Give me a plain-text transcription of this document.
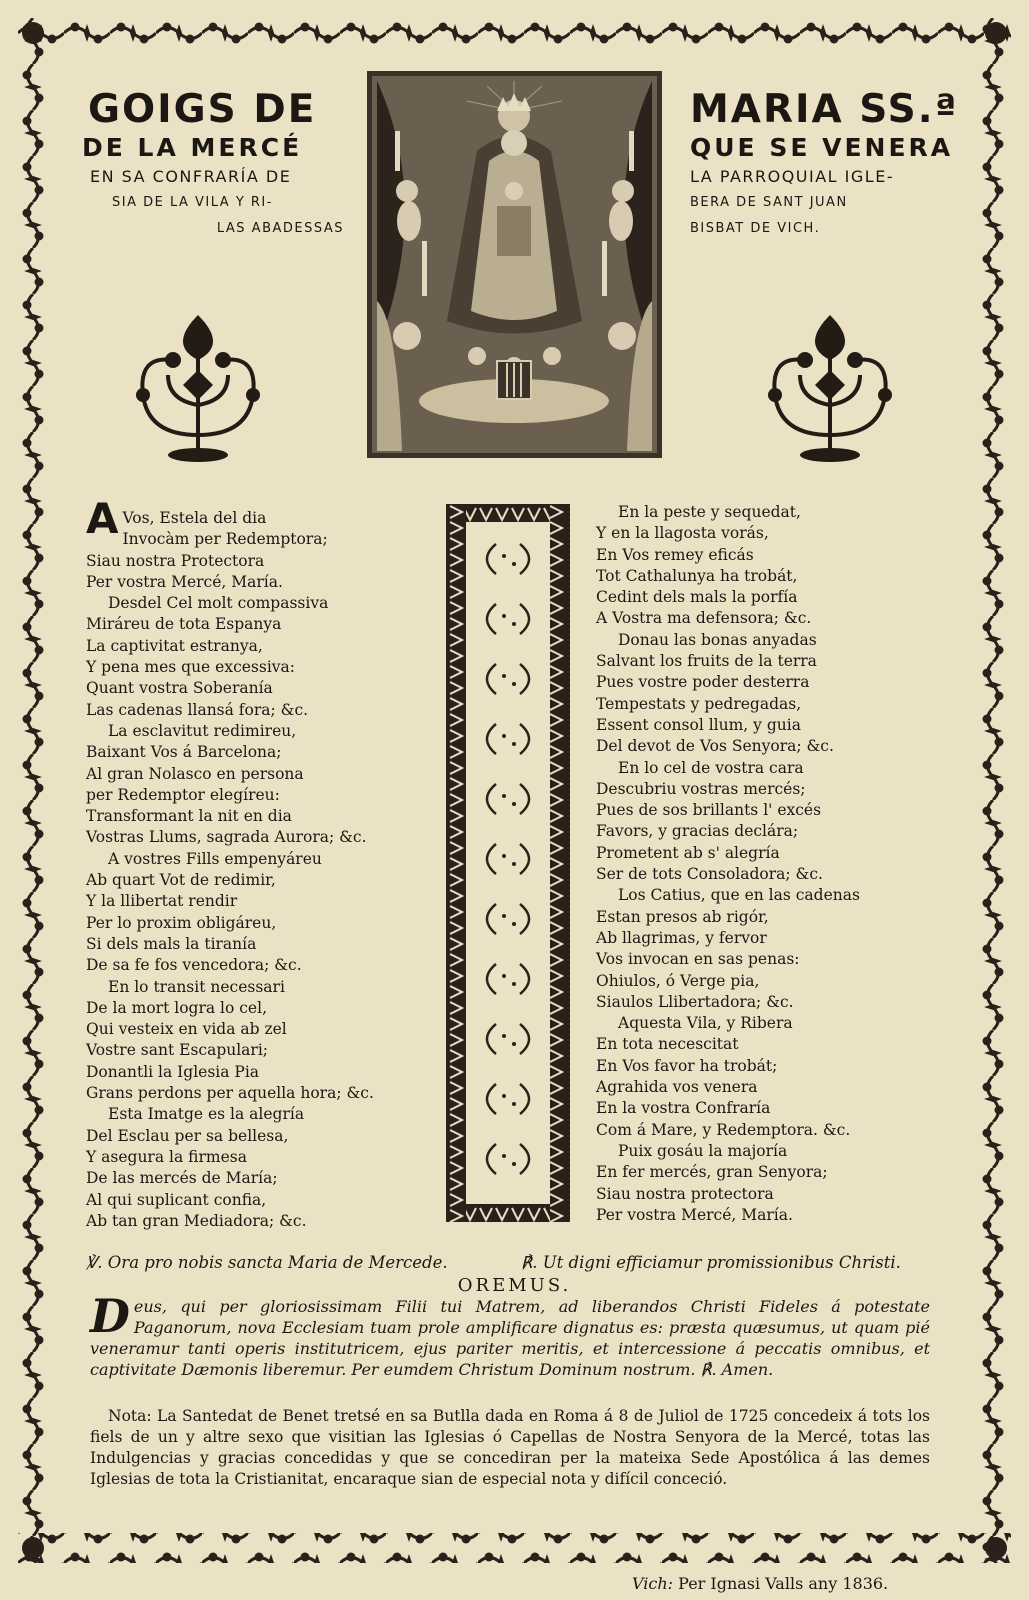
GOIGS DE
DE LA MERCÉ
EN SA CONFRARÍA DE
SIA DE LA VILA Y RI-
LAS ABADESSAS
MARIA SS.ª
QUE SE VENERA
LA PARROQUIAL IGLE-
BERA DE SANT JUAN
BISBAT DE VICH.
A Vos, Estela del dia
Invocàm per Redemptora;
Siau nostra Protectora
Per vostra Mercé, María.
Desdel Cel molt compassiva
Miráreu de tota Espanya
La captivitat estranya,
Y pena mes que excessiva:
Quant vostra Soberanía
Las cadenas llansá fora; &c.
La esclavitut redimireu,
Baixant Vos á Barcelona;
Al gran Nolasco en persona
per Redemptor elegíreu:
Transformant la nit en dia
Vostras Llums, sagrada Aurora; &c.
A vostres Fills empenyáreu
Ab quart Vot de redimir,
Y la llibertat rendir
Per lo proxim obligáreu,
Si dels mals la tiranía
De sa fe fos vencedora; &c.
En lo transit necessari
De la mort logra lo cel,
Qui vesteix en vida ab zel
Vostre sant Escapulari;
Donantli la Iglesia Pia
Grans perdons per aquella hora; &c.
Esta Imatge es la alegría
Del Esclau per sa bellesa,
Y asegura la firmesa
De las mercés de María;
Al qui suplicant confia,
Ab tan gran Mediadora; &c.
En la peste y sequedat,
Y en la llagosta vorás,
En Vos remey eficás
Tot Cathalunya ha trobát,
Cedint dels mals la porfía
A Vostra ma defensora; &c.
Donau las bonas anyadas
Salvant los fruits de la terra
Pues vostre poder desterra
Tempestats y pedregadas,
Essent consol llum, y guia
Del devot de Vos Senyora; &c.
En lo cel de vostra cara
Descubriu vostras mercés;
Pues de sos brillants l' excés
Favors, y gracias declára;
Prometent ab s' alegría
Ser de tots Consoladora; &c.
Los Catius, que en las cadenas
Estan presos ab rigór,
Ab llagrimas, y fervor
Vos invocan en sas penas:
Ohiulos, ó Verge pia,
Siaulos Llibertadora; &c.
Aquesta Vila, y Ribera
En tota necescitat
En Vos favor ha trobát;
Agrahida vos venera
En la vostra Confraría
Com á Mare, y Redemptora. &c.
Puix gosáu la majoría
En fer mercés, gran Senyora;
Siau nostra protectora
Per vostra Mercé, María.
℣. Ora pro nobis sancta Maria de Mercede.	℟. Ut digni efficiamur promissionibus Christi.
OREMUS.
Deus, qui per gloriosissimam Filii tui Matrem, ad liberandos Christi Fideles á potestate Paganorum, nova Ecclesiam tuam prole amplificare dignatus es: præsta quæsumus, ut quam pié veneramur tanti operis institutricem, ejus pariter meritis, et intercessione á peccatis omnibus, et captivitate Dæmonis liberemur. Per eumdem Christum Dominum nostrum. ℟. Amen.
Nota: La Santedat de Benet tretsé en sa Butlla dada en Roma á 8 de Juliol de 1725 concedeix á tots los fiels de un y altre sexo que visitian las Iglesias ó Capellas de Nostra Senyora de la Mercé, totas las Indulgencias y gracias concedidas y que se concediran per la mateixa Sede Apostólica á las demes Iglesias de tota la Cristianitat, encaraque sian de especial nota y difícil conceció.
Vich: Per Ignasi Valls any 1836.
